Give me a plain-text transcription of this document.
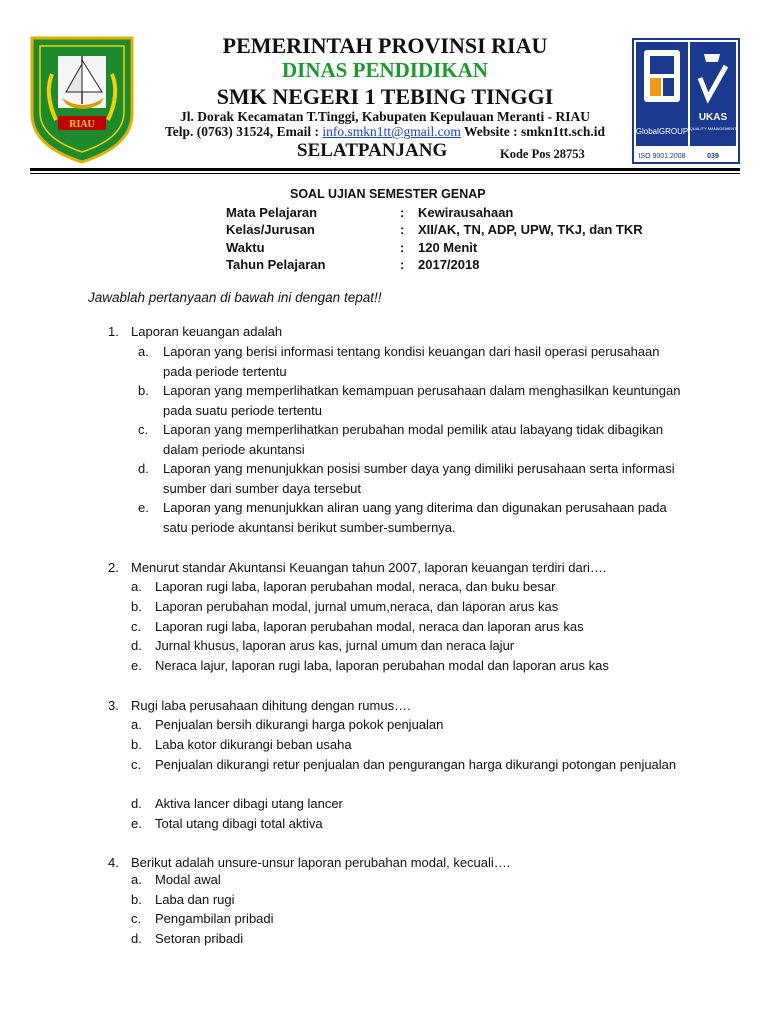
RIAU
PEMERINTAH PROVINSI RIAU
DINAS PENDIDIKAN
SMK NEGERI 1 TEBING TINGGI
Jl. Dorak Kecamatan T.Tinggi, Kabupaten Kepulauan Meranti - RIAU
Telp. (0763) 31524, Email : info.smkn1tt@gmail.com Website : smkn1tt.sch.id
SELATPANJANG	Kode Pos 28753
GlobalGROUP
UKAS
QUALITY MANAGEMENT
ISO 9001:2008	039
SOAL UJIAN SEMESTER GENAP
Mata Pelajaran	: Kewirausahaan
Kelas/Jurusan	: XII/AK, TN, ADP, UPW, TKJ, dan TKR
Waktu	: 120 Menit
Tahun Pelajaran	: 2017/2018
Jawablah pertanyaan di bawah ini dengan tepat!!
1. Laporan keuangan adalah
a. Laporan yang berisi informasi tentang kondisi keuangan dari hasil operasi perusahaan pada periode tertentu
b. Laporan yang memperlihatkan kemampuan perusahaan dalam menghasilkan keuntungan pada suatu periode tertentu
c. Laporan yang memperlihatkan perubahan modal pemilik atau labayang tidak dibagikan dalam periode akuntansi
d. Laporan yang menunjukkan posisi sumber daya yang dimiliki perusahaan serta informasi sumber dari sumber daya tersebut
e. Laporan yang menunjukkan aliran uang yang diterima dan digunakan perusahaan pada satu periode akuntansi berikut sumber-sumbernya.
2. Menurut standar Akuntansi Keuangan tahun 2007, laporan keuangan terdiri dari….
a. Laporan rugi laba, laporan perubahan modal, neraca, dan buku besar
b. Laporan perubahan modal, jurnal umum,neraca, dan laporan arus kas
c. Laporan rugi laba, laporan perubahan modal, neraca dan laporan arus kas
d. Jurnal khusus, laporan arus kas, jurnal umum dan neraca lajur
e. Neraca lajur, laporan rugi laba, laporan perubahan modal dan laporan arus kas
3. Rugi laba perusahaan dihitung dengan rumus….
a. Penjualan bersih dikurangi harga pokok penjualan
b. Laba kotor dikurangi beban usaha
c. Penjualan dikurangi retur penjualan dan pengurangan harga dikurangi potongan penjualan
d. Aktiva lancer dibagi utang lancer
e. Total utang dibagi total aktiva
4. Berikut adalah unsure-unsur laporan perubahan modal, kecuali….
a. Modal awal
b. Laba dan rugi
c. Pengambilan pribadi
d. Setoran pribadi
